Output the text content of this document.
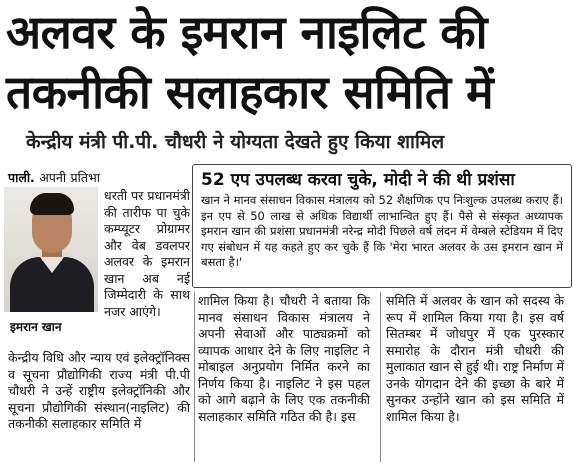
अलवर के इमरान नाइलिट की
तकनीकी सलाहकार समिति में
केन्द्रीय मंत्री पी.पी. चौधरी ने योग्यता देखते हुए किया शामिल
पाली. अपनी प्रतिभा
धरती पर प्रधानमंत्री की तारीफ पा चुके कम्प्यूटर प्रोग्रामर और वेब डवलपर अलवर के इमरान खान अब नई जिम्मेदारी के साथ नजर आएंगे।
इमरान खान
52 एप उपलब्ध करवा चुके, मोदी ने की थी प्रशंसा
खान ने मानव संसाधन विकास मंत्रालय को 52 शैक्षणिक एप निःशुल्क उपलब्ध कराए हैं। इन एप से 50 लाख से अधिक विद्यार्थी लाभान्वित हुए हैं। पैसे से संस्कृत अध्यापक इमरान खान की प्रशंसा प्रधानमंत्री नरेन्द्र मोदी पिछले वर्ष लंदन में वेम्बले स्टेडियम में दिए गए संबोधन में यह कहते हुए कर चुके हैं कि 'मेरा भारत अलवर के उस इमरान खान में बसता है।'
केन्द्रीय विधि और न्याय एवं इलेक्ट्रॉनिक्स व सूचना प्रौद्योगिकी राज्य मंत्री पी.पी चौधरी ने उन्हें राष्ट्रीय इलेक्ट्रॉनिकी और सूचना प्रौद्योगिकी संस्थान(नाइलिट) की तकनीकी सलाहकार समिति में
शामिल किया है। चौधरी ने बताया कि मानव संसाधन विकास मंत्रालय ने अपनी सेवाओं और पाठ्यक्रमों को व्यापक आधार देने के लिए नाइलिट ने मोबाइल अनुप्रयोग निर्मित करने का निर्णय किया है। नाइलिट ने इस पहल को आगे बढ़ाने के लिए एक तकनीकी सलाहकार समिति गठित की है। इस
समिति में अलवर के खान को सदस्य के रूप में शामिल किया गया है। इस वर्ष सितम्बर में जोधपुर में एक पुरस्कार समारोह के दौरान मंत्री चौधरी की मुलाकात खान से हुई थी। राष्ट्र निर्माण में उनके योगदान देने की इच्छा के बारे में सुनकर उन्होंने खान को इस समिति में शामिल किया है।
